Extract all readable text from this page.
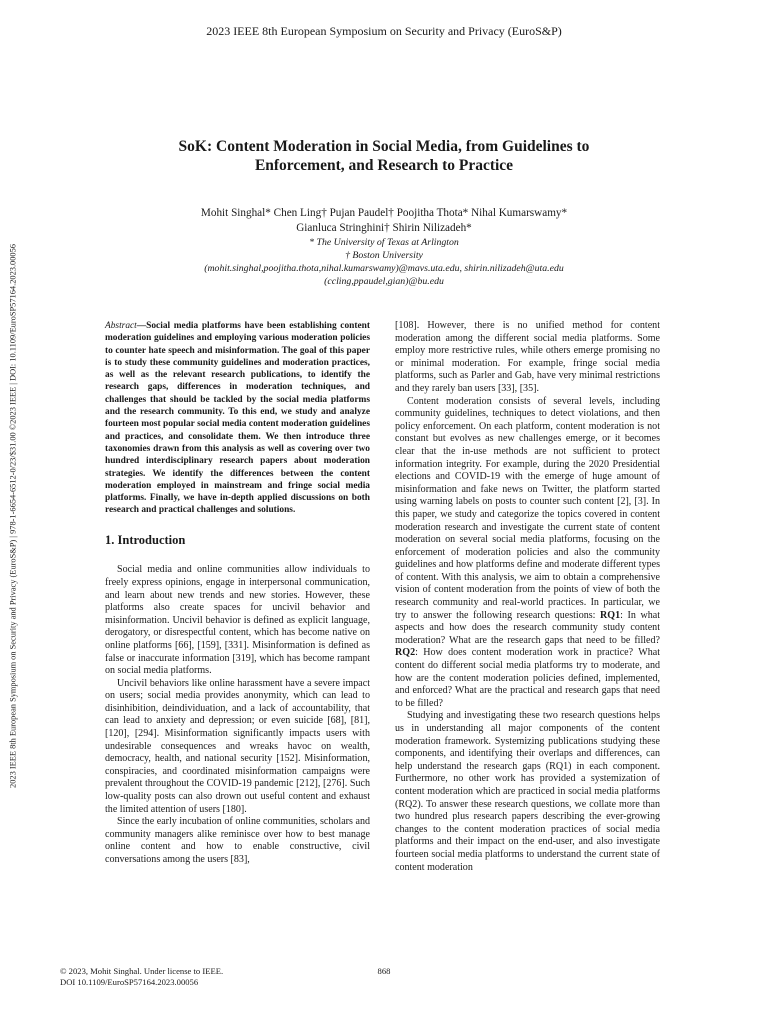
2023 IEEE 8th European Symposium on Security and Privacy (EuroS&P)
2023 IEEE 8th European Symposium on Security and Privacy (EuroS&P) | 978-1-6654-6512-0/23/$31.00 ©2023 IEEE | DOI: 10.1109/EuroSP57164.2023.00056
SoK: Content Moderation in Social Media, from Guidelines to
Enforcement, and Research to Practice
Mohit Singhal* Chen Ling† Pujan Paudel† Poojitha Thota* Nihal Kumarswamy*
Gianluca Stringhini† Shirin Nilizadeh*
* The University of Texas at Arlington
† Boston University
(mohit.singhal,poojitha.thota,nihal.kumarswamy)@mavs.uta.edu, shirin.nilizadeh@uta.edu
(ccling,ppaudel,gian)@bu.edu

Abstract—Social media platforms have been establishing content moderation guidelines and employing various moderation policies to counter hate speech and misinformation. The goal of this paper is to study these community guidelines and moderation practices, as well as the relevant research publications, to identify the research gaps, differences in moderation techniques, and challenges that should be tackled by the social media platforms and the research community. To this end, we study and analyze fourteen most popular social media content moderation guidelines and practices, and consolidate them. We then introduce three taxonomies drawn from this analysis as well as covering over two hundred interdisciplinary research papers about moderation strategies. We identify the differences between the content moderation employed in mainstream and fringe social media platforms. Finally, we have in-depth applied discussions on both research and practical challenges and solutions.

1. Introduction

Social media and online communities allow individuals to freely express opinions, engage in interpersonal communication, and learn about new trends and new stories. However, these platforms also create spaces for uncivil behavior and misinformation. Uncivil behavior is defined as explicit language, derogatory, or disrespectful content, which has become native on online platforms [66], [159], [331]. Misinformation is defined as false or inaccurate information [319], which has become rampant on social media platforms.

Uncivil behaviors like online harassment have a severe impact on users; social media provides anonymity, which can lead to disinhibition, deindividuation, and a lack of accountability, that can lead to anxiety and depression; or even suicide [68], [81], [120], [294]. Misinformation significantly impacts users with undesirable consequences and wreaks havoc on wealth, democracy, health, and national security [152]. Misinformation, conspiracies, and coordinated misinformation campaigns were prevalent throughout the COVID-19 pandemic [212], [276]. Such low-quality posts can also drown out useful content and exhaust the limited attention of users [180].

Since the early incubation of online communities, scholars and community managers alike reminisce over how to best manage online content and how to enable constructive, civil conversations among the users [83],

[108]. However, there is no unified method for content moderation among the different social media platforms. Some employ more restrictive rules, while others emerge promising no or minimal moderation. For example, fringe social media platforms, such as Parler and Gab, have very minimal restrictions and they rarely ban users [33], [35].

Content moderation consists of several levels, including community guidelines, techniques to detect violations, and then policy enforcement. On each platform, content moderation is not constant but evolves as new challenges emerge, or it becomes clear that the in-use methods are not sufficient to protect information integrity. For example, during the 2020 Presidential elections and COVID-19 with the emerge of huge amount of misinformation and fake news on Twitter, the platform started using warning labels on posts to counter such content [2], [3]. In this paper, we study and categorize the topics covered in content moderation research and investigate the current state of content moderation on several social media platforms, focusing on the enforcement of moderation policies and also the community guidelines and how platforms define and moderate different types of content. With this analysis, we aim to obtain a comprehensive vision of content moderation from the points of view of both the research community and real-world practices. In particular, we try to answer the following research questions: RQ1: In what aspects and how does the research community study content moderation? What are the research gaps that need to be filled? RQ2: How does content moderation work in practice? What content do different social media platforms try to moderate, and how are the content moderation policies defined, implemented, and enforced? What are the practical and research gaps that need to be filled?

Studying and investigating these two research questions helps us in understanding all major components of the content moderation framework. Systemizing publications studying these components, and identifying their overlaps and differences, can help understand the research gaps (RQ1) in each component. Furthermore, no other work has provided a systemization of content moderation which are practiced in social media platforms (RQ2). To answer these research questions, we collate more than two hundred plus research papers describing the ever-growing changes to the content moderation practices of social media platforms and their impact on the end-user, and also investigate fourteen social media platforms to understand the current state of content moderation

© 2023, Mohit Singhal. Under license to IEEE.
DOI 10.1109/EuroSP57164.2023.00056
868
